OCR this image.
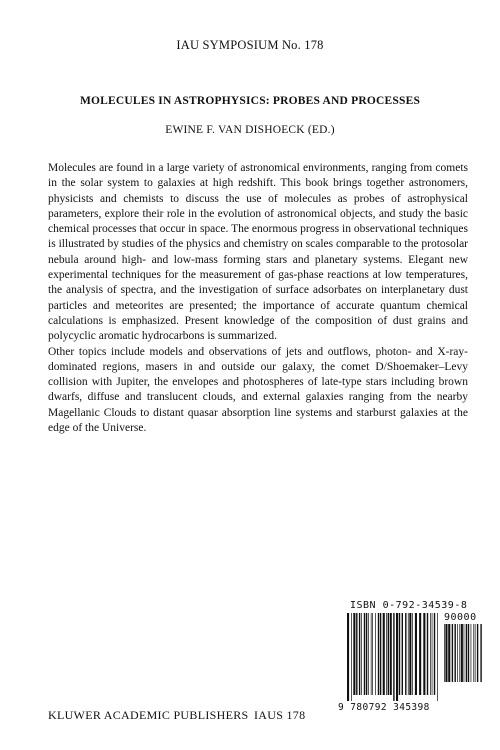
IAU SYMPOSIUM No. 178
MOLECULES IN ASTROPHYSICS: PROBES AND PROCESSES
EWINE F. VAN DISHOECK (ED.)

Molecules are found in a large variety of astronomical environments, ranging from comets in the solar system to galaxies at high redshift. This book brings together astronomers, physicists and chemists to discuss the use of molecules as probes of astrophysical parameters, explore their role in the evolution of astronomical objects, and study the basic chemical processes that occur in space. The enormous progress in observational techniques is illustrated by studies of the physics and chemistry on scales comparable to the protosolar nebula around high- and low-mass forming stars and planetary systems. Elegant new experimental techniques for the measurement of gas-phase reactions at low temperatures, the analysis of spectra, and the investigation of surface adsorbates on interplanetary dust particles and meteorites are presented; the importance of accurate quantum chemical calculations is emphasized. Present knowledge of the composition of dust grains and polycyclic aromatic hydrocarbons is summarized.

Other topics include models and observations of jets and outflows, photon- and X-ray-dominated regions, masers in and outside our galaxy, the comet D/Shoemaker–Levy collision with Jupiter, the envelopes and photospheres of late-type stars including brown dwarfs, diffuse and translucent clouds, and external galaxies ranging from the nearby Magellanic Clouds to distant quasar absorption line systems and starburst galaxies at the edge of the Universe.

ISBN 0-792-34539-8
90000
9 780792 345398
KLUWER ACADEMIC PUBLISHERS IAUS 178
